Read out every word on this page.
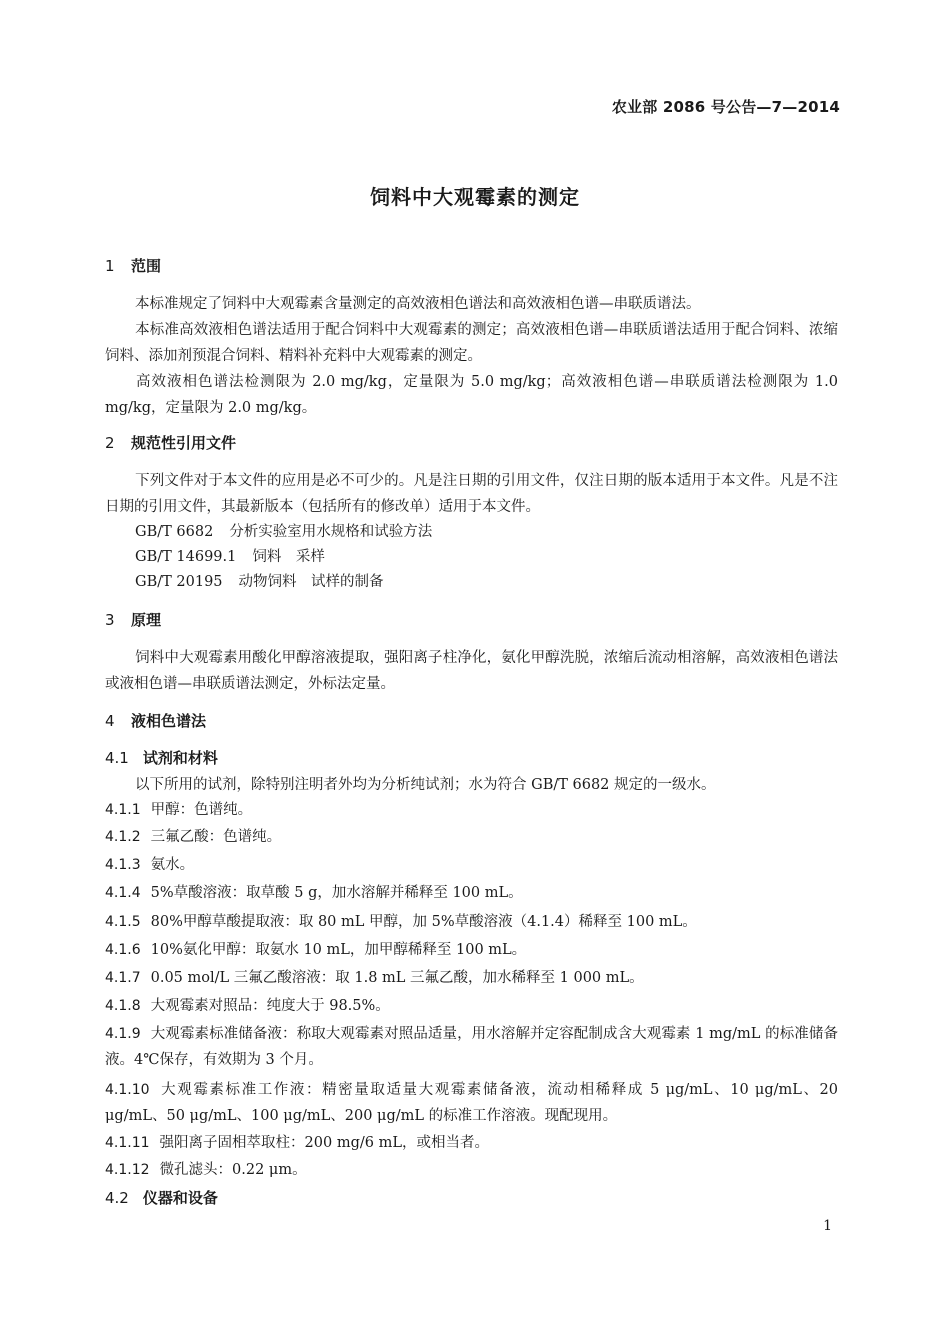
农业部 2086 号公告—7—2014
饲料中大观霉素的测定
1 范围
本标准规定了饲料中大观霉素含量测定的高效液相色谱法和高效液相色谱—串联质谱法。
本标准高效液相色谱法适用于配合饲料中大观霉素的测定；高效液相色谱—串联质谱法适用于配合饲料、浓缩饲料、添加剂预混合饲料、精料补充料中大观霉素的测定。
高效液相色谱法检测限为 2.0 mg/kg，定量限为 5.0 mg/kg；高效液相色谱—串联质谱法检测限为 1.0 mg/kg，定量限为 2.0 mg/kg。
2 规范性引用文件
下列文件对于本文件的应用是必不可少的。凡是注日期的引用文件，仅注日期的版本适用于本文件。凡是不注日期的引用文件，其最新版本（包括所有的修改单）适用于本文件。
GB/T 6682 分析实验室用水规格和试验方法
GB/T 14699.1 饲料　采样
GB/T 20195 动物饲料　试样的制备
3 原理
饲料中大观霉素用酸化甲醇溶液提取，强阳离子柱净化，氨化甲醇洗脱，浓缩后流动相溶解，高效液相色谱法或液相色谱—串联质谱法测定，外标法定量。
4 液相色谱法
4.1 试剂和材料
以下所用的试剂，除特别注明者外均为分析纯试剂；水为符合 GB/T 6682 规定的一级水。
4.1.1 甲醇：色谱纯。
4.1.2 三氟乙酸：色谱纯。
4.1.3 氨水。
4.1.4 5%草酸溶液：取草酸 5 g，加水溶解并稀释至 100 mL。
4.1.5 80%甲醇草酸提取液：取 80 mL 甲醇，加 5%草酸溶液（4.1.4）稀释至 100 mL。
4.1.6 10%氨化甲醇：取氨水 10 mL，加甲醇稀释至 100 mL。
4.1.7 0.05 mol/L 三氟乙酸溶液：取 1.8 mL 三氟乙酸，加水稀释至 1 000 mL。
4.1.8 大观霉素对照品：纯度大于 98.5%。
4.1.9 大观霉素标准储备液：称取大观霉素对照品适量，用水溶解并定容配制成含大观霉素 1 mg/mL 的标准储备液。4℃保存，有效期为 3 个月。
4.1.10 大观霉素标准工作液：精密量取适量大观霉素储备液，流动相稀释成 5 μg/mL、10 μg/mL、20 μg/mL、50 μg/mL、100 μg/mL、200 μg/mL 的标准工作溶液。现配现用。
4.1.11 强阳离子固相萃取柱：200 mg/6 mL，或相当者。
4.1.12 微孔滤头：0.22 μm。
4.2 仪器和设备
1
